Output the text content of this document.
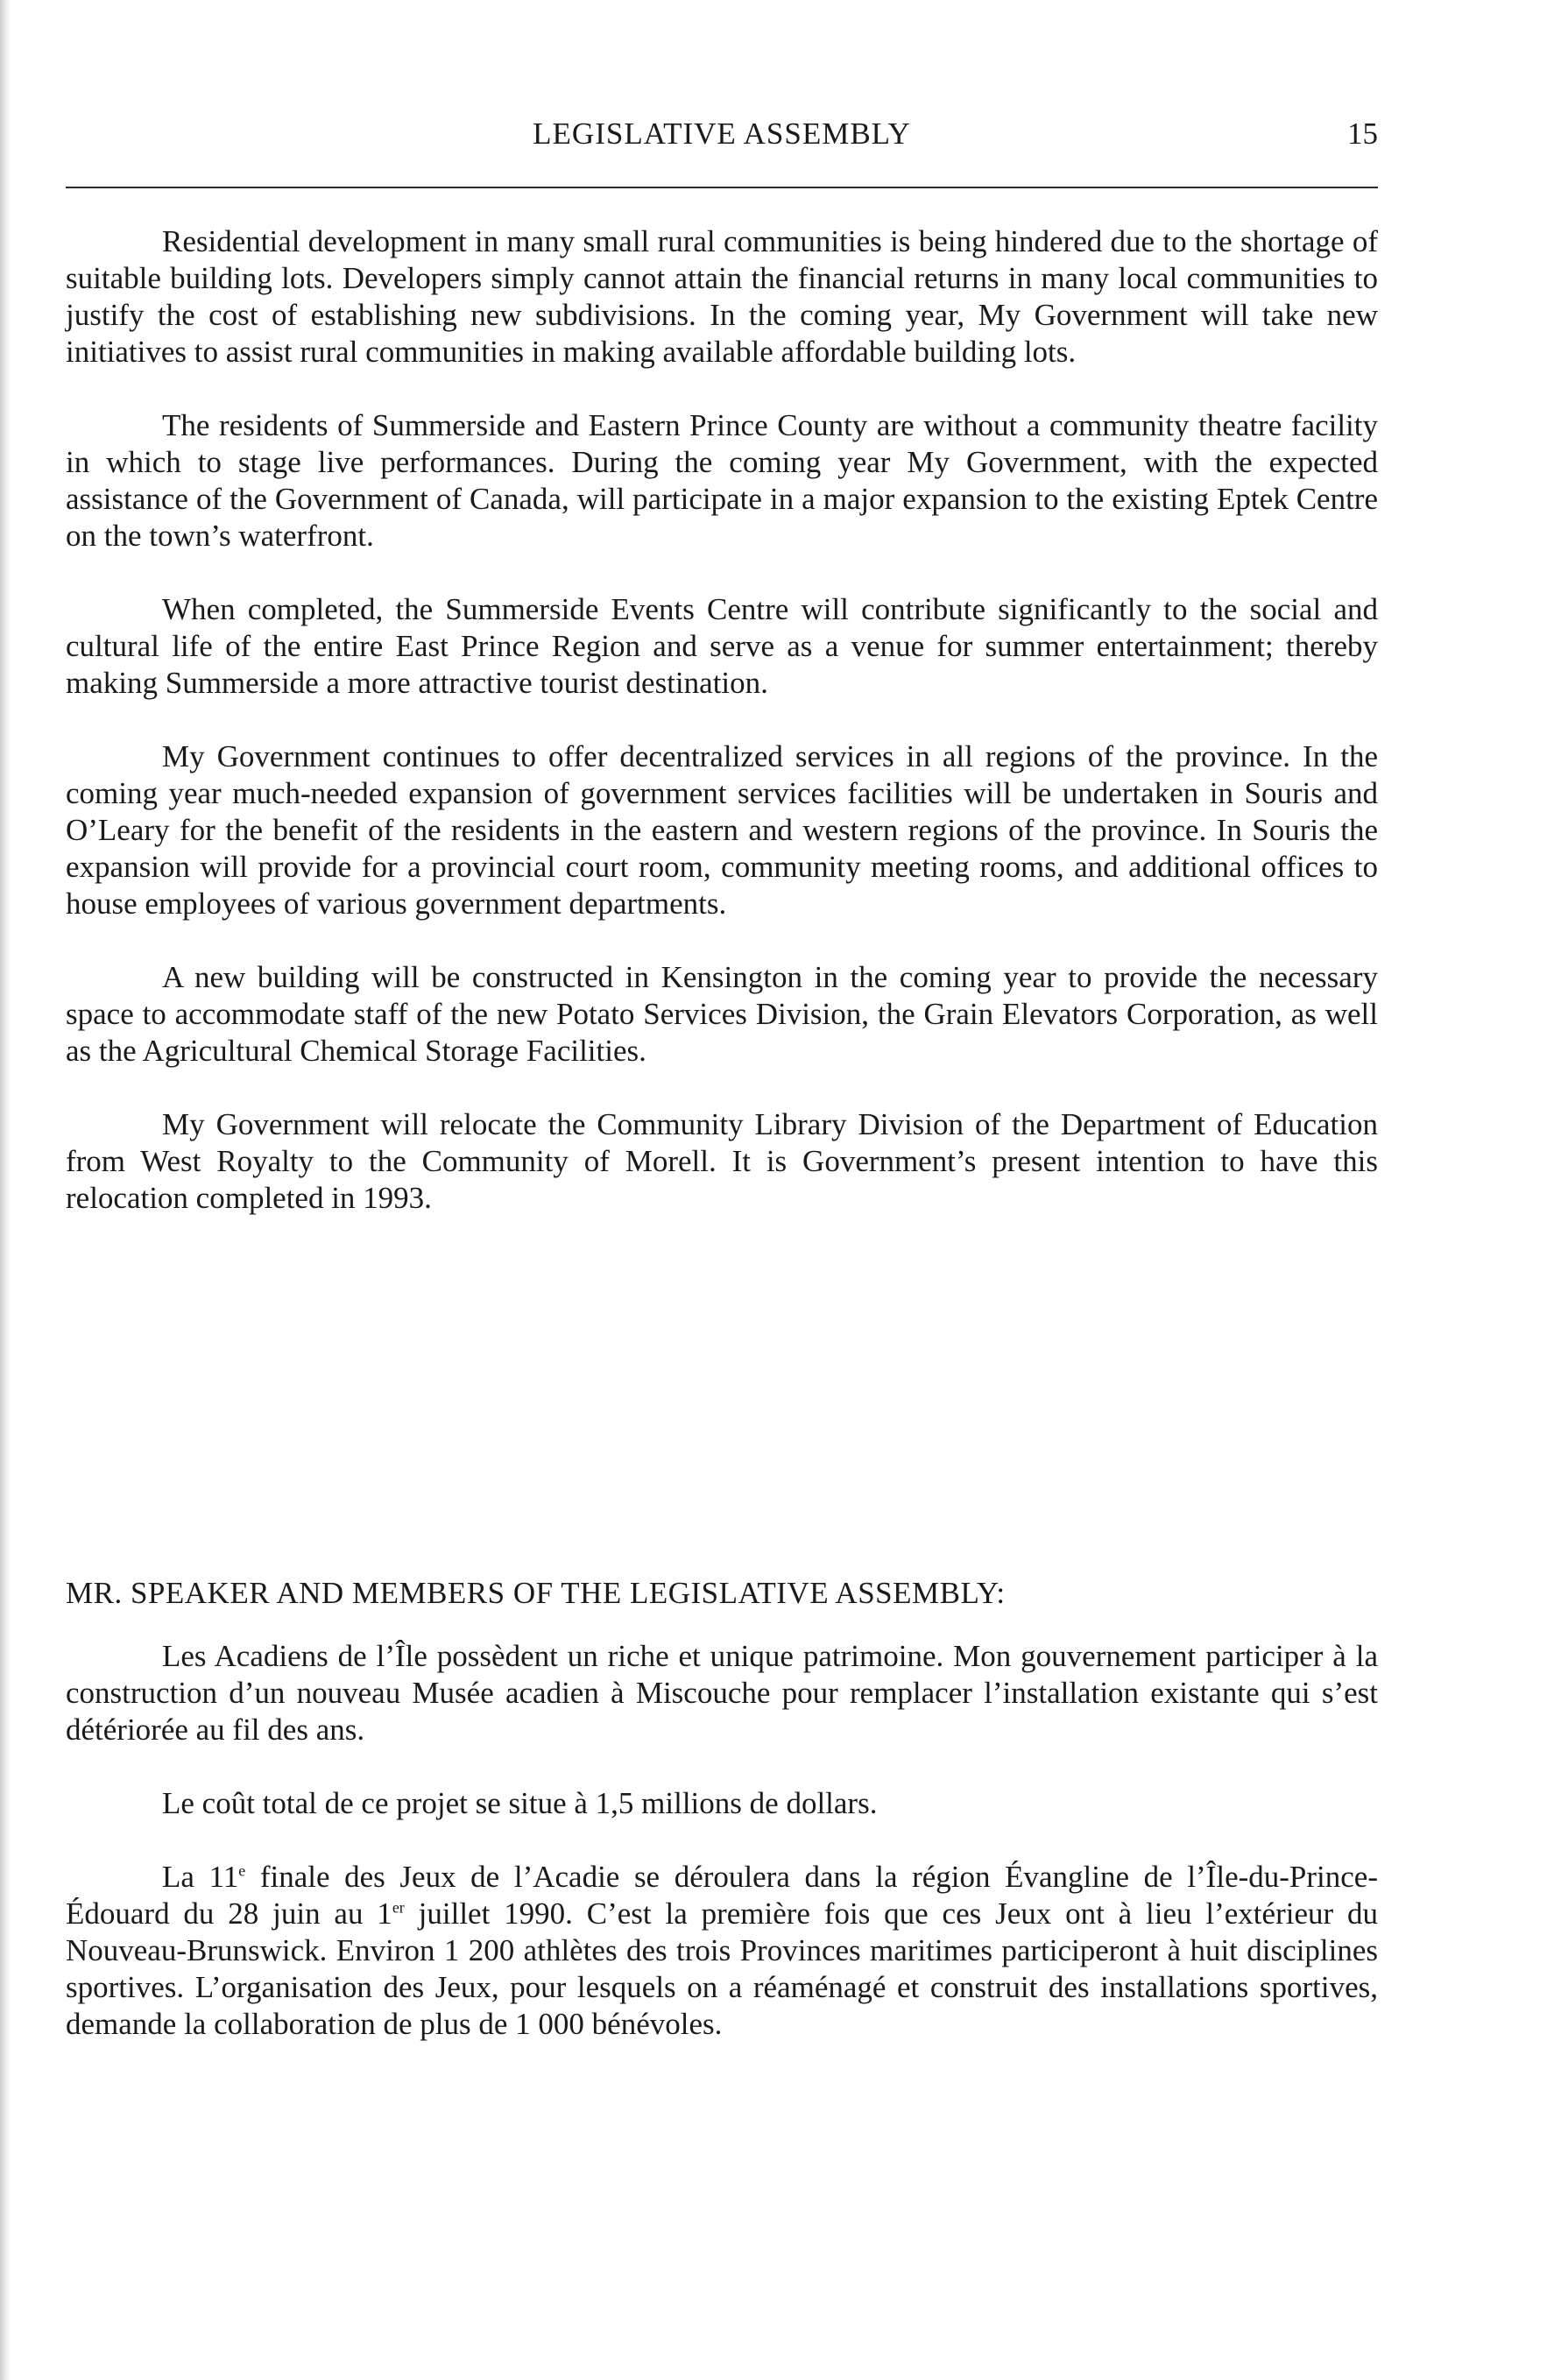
LEGISLATIVE ASSEMBLY	15

Residential development in many small rural communities is being hindered due to the shortage of suitable building lots. Developers simply cannot attain the financial returns in many local communities to justify the cost of establishing new subdivisions. In the coming year, My Government will take new initiatives to assist rural communities in making available affordable building lots.

The residents of Summerside and Eastern Prince County are without a community theatre facility in which to stage live performances. During the coming year My Government, with the expected assistance of the Government of Canada, will participate in a major expansion to the existing Eptek Centre on the town’s waterfront.

When completed, the Summerside Events Centre will contribute significantly to the social and cultural life of the entire East Prince Region and serve as a venue for summer entertainment; thereby making Summerside a more attractive tourist destination.

My Government continues to offer decentralized services in all regions of the province. In the coming year much-needed expansion of government services facilities will be undertaken in Souris and O’Leary for the benefit of the residents in the eastern and western regions of the province. In Souris the expansion will provide for a provincial court room, community meeting rooms, and additional offices to house employees of various government departments.

A new building will be constructed in Kensington in the coming year to provide the necessary space to accommodate staff of the new Potato Services Division, the Grain Elevators Corporation, as well as the Agricultural Chemical Storage Facilities.

My Government will relocate the Community Library Division of the Department of Education from West Royalty to the Community of Morell. It is Government’s present intention to have this relocation completed in 1993.

MR. SPEAKER AND MEMBERS OF THE LEGISLATIVE ASSEMBLY:

Les Acadiens de l’Île possèdent un riche et unique patrimoine. Mon gouvernement participer à la construction d’un nouveau Musée acadien à Miscouche pour remplacer l’installation existante qui s’est détériorée au fil des ans.

Le coût total de ce projet se situe à 1,5 millions de dollars.

La 11e finale des Jeux de l’Acadie se déroulera dans la région Évangline de l’Île-du-Prince-Édouard du 28 juin au 1er juillet 1990. C’est la première fois que ces Jeux ont à lieu l’extérieur du Nouveau-Brunswick. Environ 1 200 athlètes des trois Provinces maritimes participeront à huit disciplines sportives. L’organisation des Jeux, pour lesquels on a réaménagé et construit des installations sportives, demande la collaboration de plus de 1 000 bénévoles.
